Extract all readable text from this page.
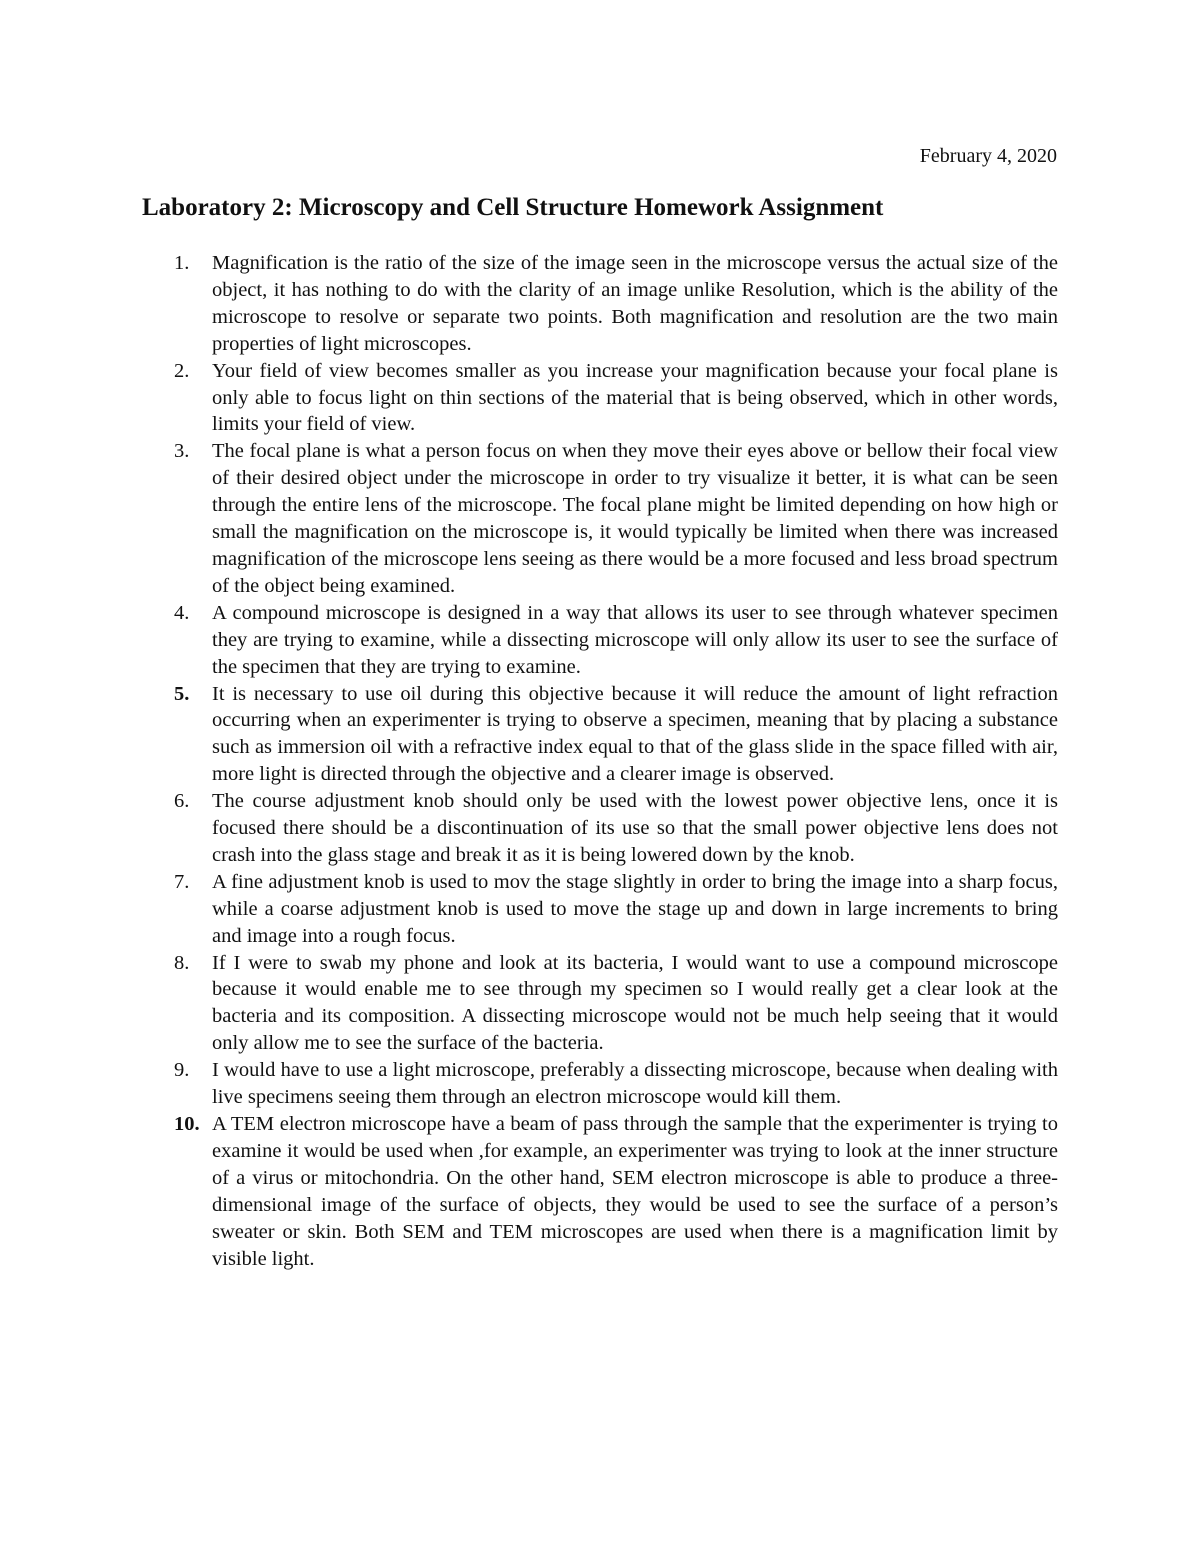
February 4, 2020
Laboratory 2: Microscopy and Cell Structure Homework Assignment
1.	Magnification is the ratio of the size of the image seen in the microscope versus the actual size of the object, it has nothing to do with the clarity of an image unlike Resolution, which is the ability of the microscope to resolve or separate two points. Both magnification and resolution are the two main properties of light microscopes.
2.	Your field of view becomes smaller as you increase your magnification because your focal plane is only able to focus light on thin sections of the material that is being observed, which in other words, limits your field of view.
3.	The focal plane is what a person focus on when they move their eyes above or bellow their focal view of their desired object under the microscope in order to try visualize it better, it is what can be seen through the entire lens of the microscope. The focal plane might be limited depending on how high or small the magnification on the microscope is, it would typically be limited when there was increased magnification of the microscope lens seeing as there would be a more focused and less broad spectrum of the object being examined.
4.	A compound microscope is designed in a way that allows its user to see through whatever specimen they are trying to examine, while a dissecting microscope will only allow its user to see the surface of the specimen that they are trying to examine.
5.	It is necessary to use oil during this objective because it will reduce the amount of light refraction occurring when an experimenter is trying to observe a specimen, meaning that by placing a substance such as immersion oil with a refractive index equal to that of the glass slide in the space filled with air, more light is directed through the objective and a clearer image is observed.
6.	The course adjustment knob should only be used with the lowest power objective lens, once it is focused there should be a discontinuation of its use so that the small power objective lens does not crash into the glass stage and break it as it is being lowered down by the knob.
7.	A fine adjustment knob is used to mov the stage slightly in order to bring the image into a sharp focus, while a coarse adjustment knob is used to move the stage up and down in large increments to bring and image into a rough focus.
8.	If I were to swab my phone and look at its bacteria, I would want to use a compound microscope because it would enable me to see through my specimen so I would really get a clear look at the bacteria and its composition. A dissecting microscope would not be much help seeing that it would only allow me to see the surface of the bacteria.
9.	I would have to use a light microscope, preferably a dissecting microscope, because when dealing with live specimens seeing them through an electron microscope would kill them.
10. A TEM electron microscope have a beam of pass through the sample that the experimenter is trying to examine it would be used when ,for example, an experimenter was trying to look at the inner structure of a virus or mitochondria. On the other hand, SEM electron microscope is able to produce a three-dimensional image of the surface of objects, they would be used to see the surface of a person’s sweater or skin. Both SEM and TEM microscopes are used when there is a magnification limit by visible light.
